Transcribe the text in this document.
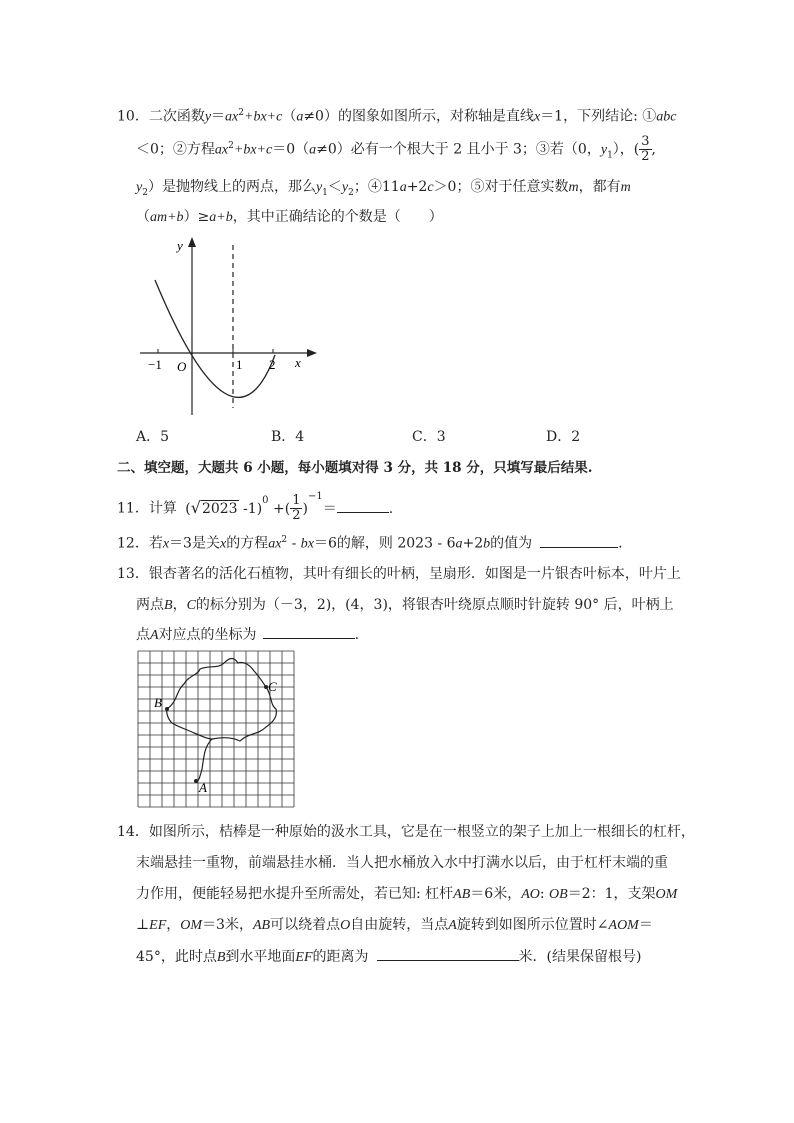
10．二次函数$y=ax^2+bx+c(a\ne 0)$的图象如图所示，对称轴是直线x＝1，下列结论: ①abc
＜0；②方程$ax^2+bx+c=0(a\ne 0)$必有一个根大于 2 且小于 3；③若（0，$y_1$），( $\frac{3}{2}$ ,
$y_2$）是抛物线上的两点，那么$y_1<y_2$；④11a+2c＞0；⑤对于任意实数m，都有m
（am+b）≥a+b，其中正确结论的个数是（　　）
y
x
O
−1	1 2
A．5	B．4	C．3	D．2
二、填空题，大题共 6 小题，每小题填对得 3 分，共 18 分，只填写最后结果.
11．计算 (√2023 -1)$^0$ +( $\frac{1}{2} )^{-1}=$	.
12．若x＝3是关x的方程$ax^2 - bx=6$的解，则 2023 - 6a+2b的值为	.
13．银杏著名的活化石植物，其叶有细长的叶柄，呈扇形．如图是一片银杏叶标本，叶片上
两点B，C的标分别为（－3，2)，(4，3)，将银杏叶绕原点顺时针旋转 90° 后，叶柄上
点A对应点的坐标为	.
B
C
A
14．如图所示，桔棒是一种原始的汲水工具，它是在一根竖立的架子上加上一根细长的杠杆，
末端悬挂一重物，前端悬挂水桶．当人把水桶放入水中打满水以后，由于杠杆末端的重
力作用，便能轻易把水提升至所需处，若已知: 杠杆AB＝6米，AO: OB＝2：1，支架OM
⊥EF，OM＝3米，AB可以绕着点O自由旋转，当点A旋转到如图所示位置时∠AOM＝
45°，此时点B到水平地面EF的距离为	米．(结果保留根号)
